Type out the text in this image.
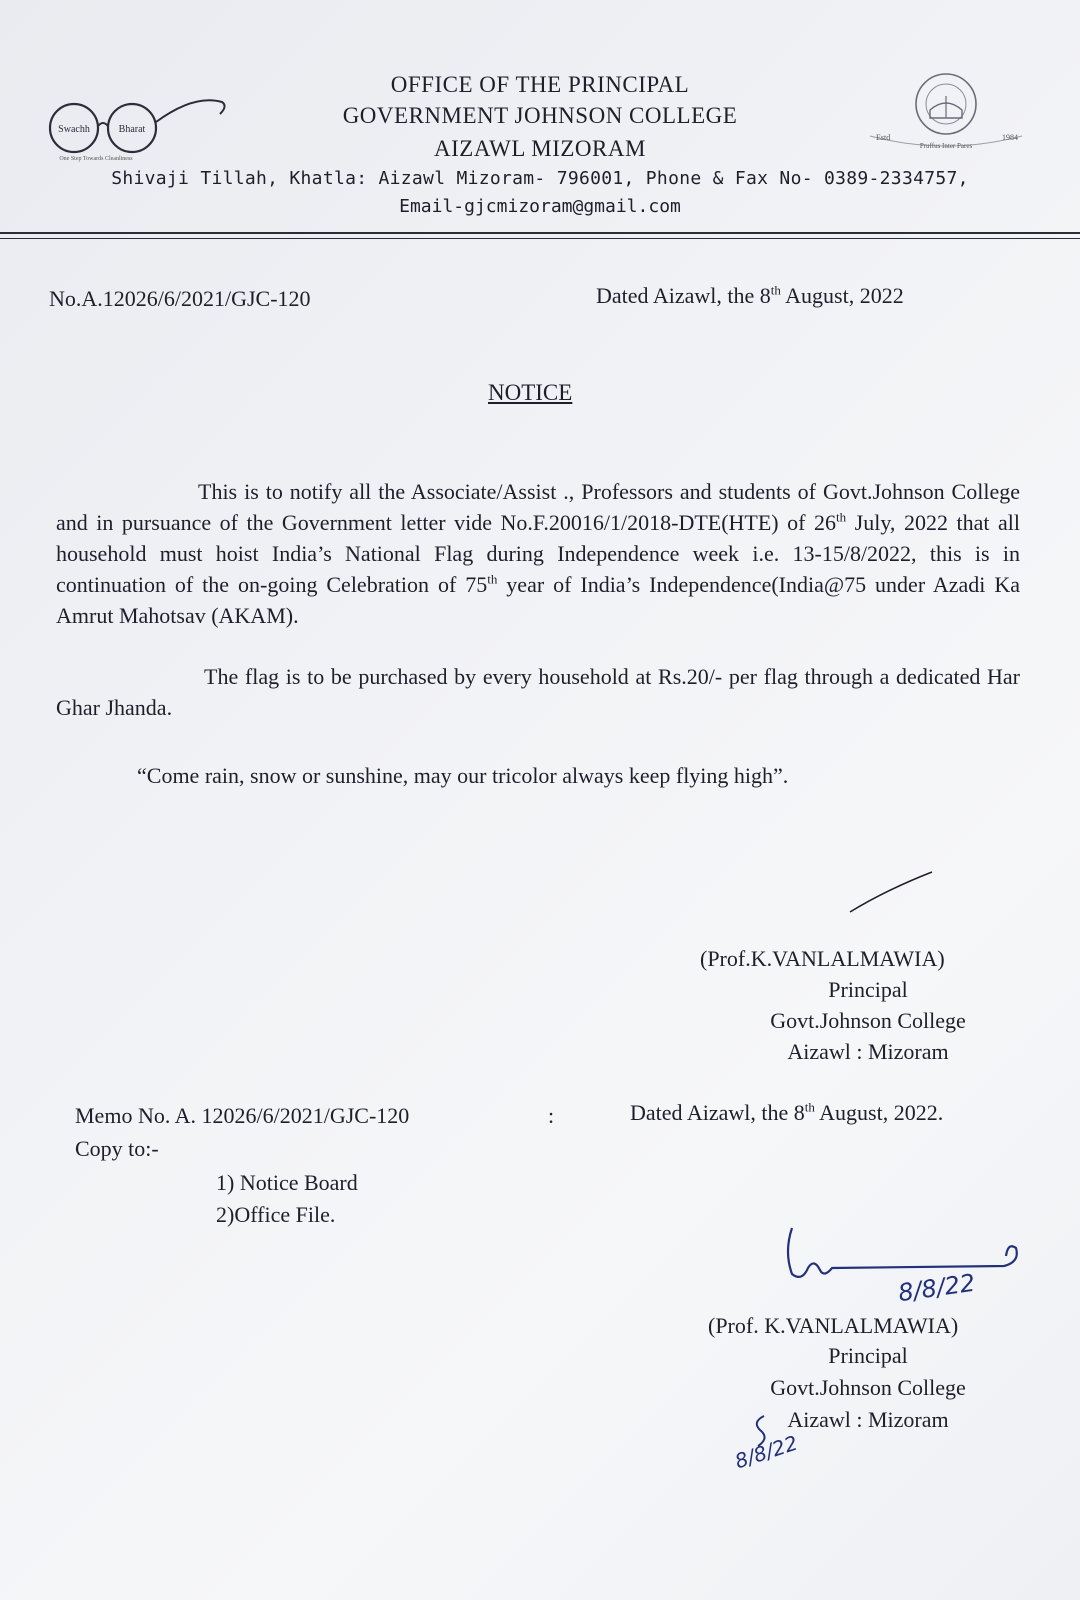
Swachh	Bharat
One Step Towards Cleanliness
Estd
Pruffus Inter Pares
1984
OFFICE OF THE PRINCIPAL
GOVERNMENT JOHNSON COLLEGE
AIZAWL MIZORAM
Shivaji Tillah, Khatla: Aizawl Mizoram- 796001, Phone & Fax No- 0389-2334757,
Email-gjcmizoram@gmail.com
No.A.12026/6/2021/GJC-120	Dated Aizawl, the 8th August, 2022
NOTICE
This is to notify all the Associate/Assist ., Professors and students of Govt.Johnson College and in pursuance of the Government letter vide No.F.20016/1/2018-DTE(HTE) of 26th July, 2022 that all household must hoist India’s National Flag during Independence week i.e. 13-15/8/2022, this is in continuation of the on-going Celebration of 75th year of India’s Independence(India@75 under Azadi Ka Amrut Mahotsav (AKAM).
The flag is to be purchased by every household at Rs.20/- per flag through a dedicated Har Ghar Jhanda.
“Come rain, snow or sunshine, may our tricolor always keep flying high”.
(Prof.K.VANLALMAWIA)
Principal
Govt.Johnson College
Aizawl : Mizoram
Memo No. A. 12026/6/2021/GJC-120	:	Dated Aizawl, the 8th August, 2022.
Copy to:-
1) Notice Board
2)Office File.
8/8/22
(Prof. K.VANLALMAWIA)
Principal
Govt.Johnson College
Aizawl : Mizoram
8/8/22
